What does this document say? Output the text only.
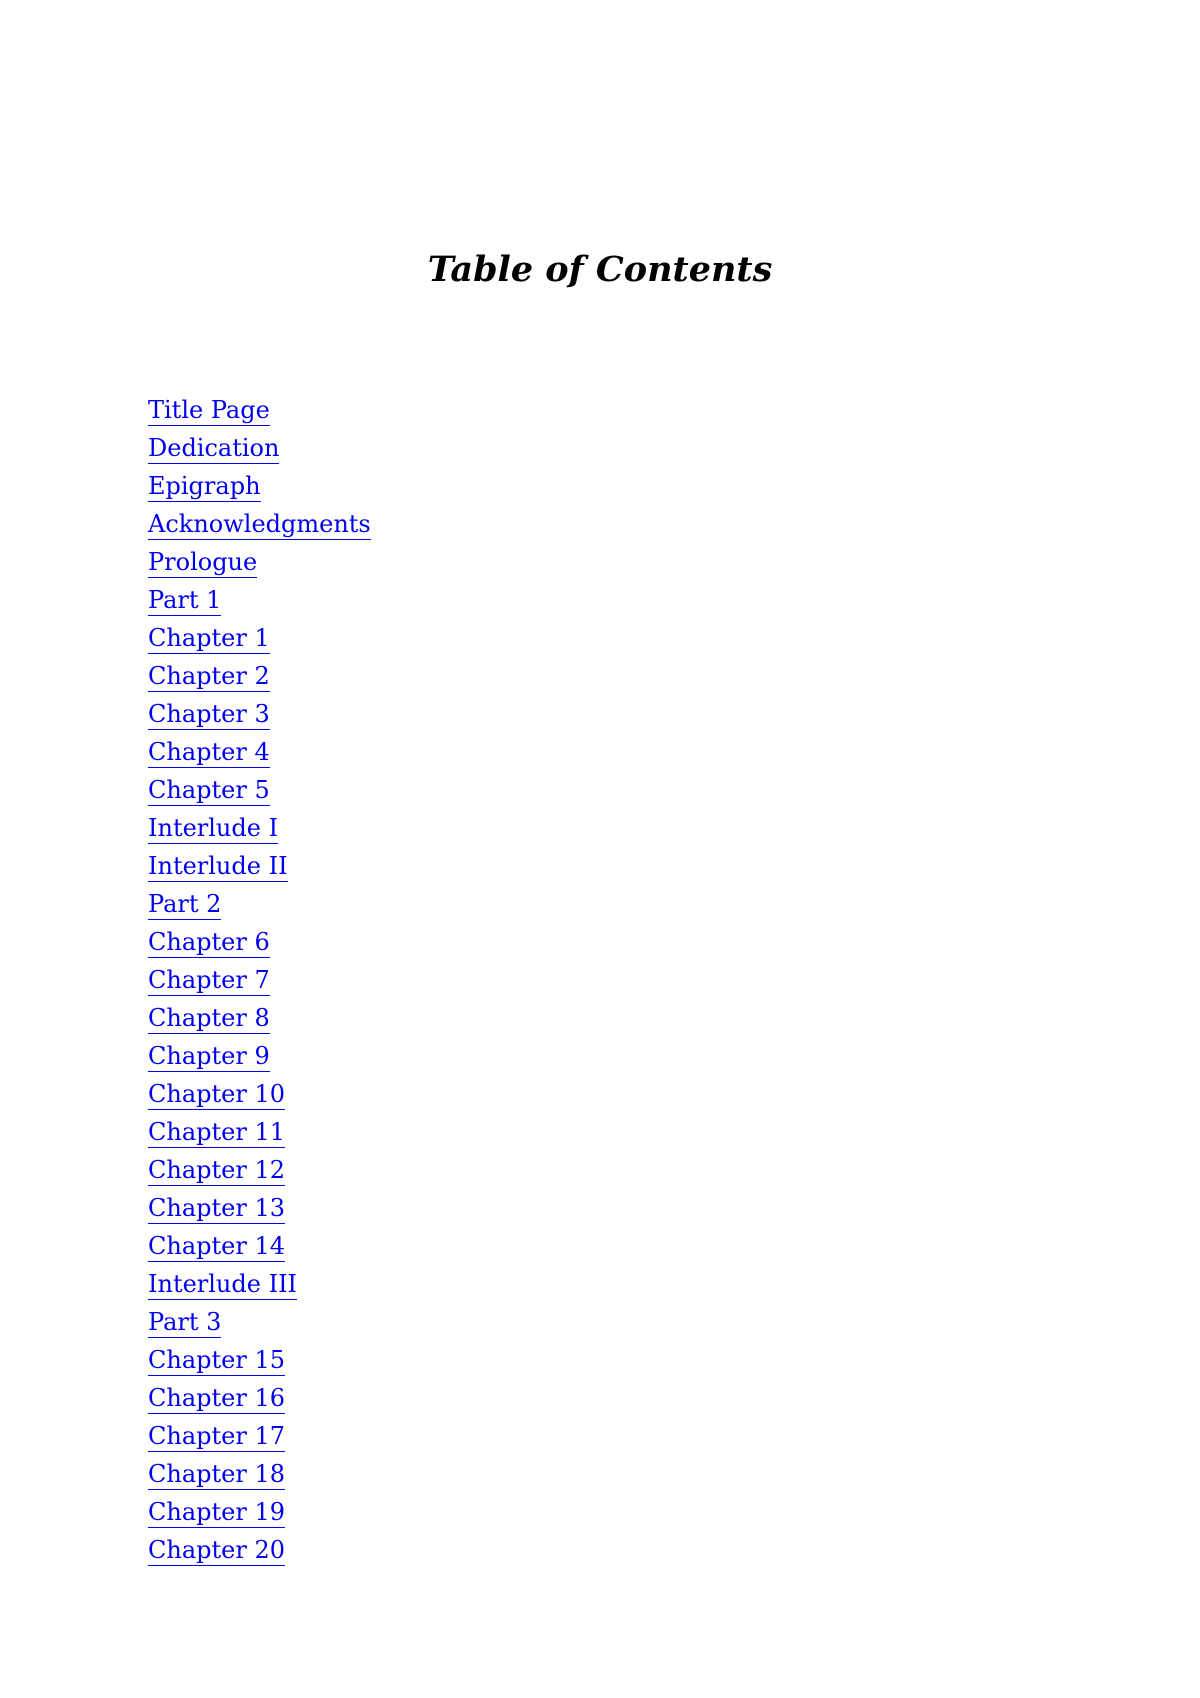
Table of Contents
Title Page
Dedication
Epigraph
Acknowledgments
Prologue
Part 1
Chapter 1
Chapter 2
Chapter 3
Chapter 4
Chapter 5
Interlude I
Interlude II
Part 2
Chapter 6
Chapter 7
Chapter 8
Chapter 9
Chapter 10
Chapter 11
Chapter 12
Chapter 13
Chapter 14
Interlude III
Part 3
Chapter 15
Chapter 16
Chapter 17
Chapter 18
Chapter 19
Chapter 20
